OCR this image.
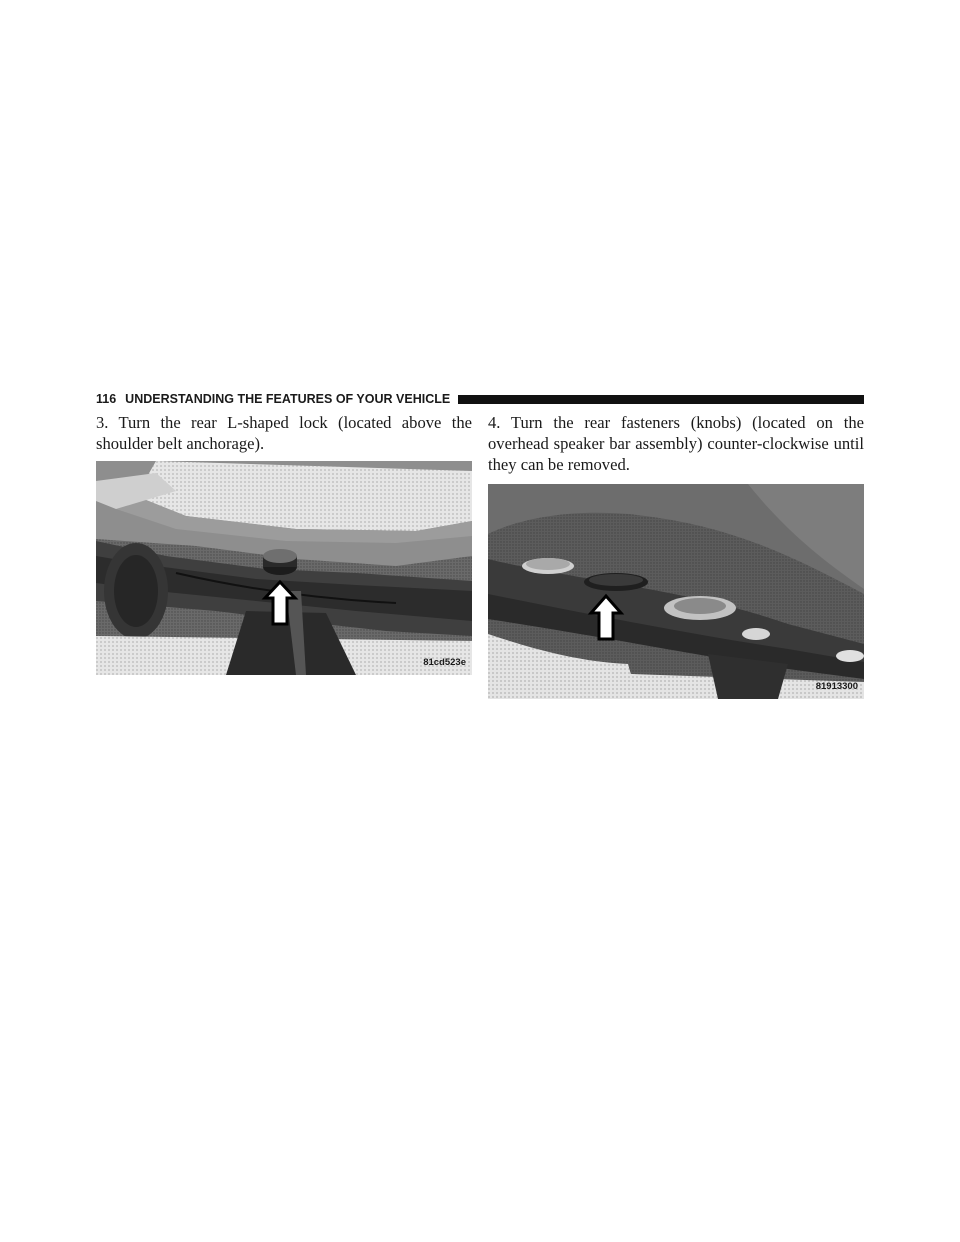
116 UNDERSTANDING THE FEATURES OF YOUR VEHICLE

3. Turn the rear L-shaped lock (located above the shoulder belt anchorage).

81cd523e

4. Turn the rear fasteners (knobs) (located on the overhead speaker bar assembly) counter-clockwise until they can be removed.

81913300
